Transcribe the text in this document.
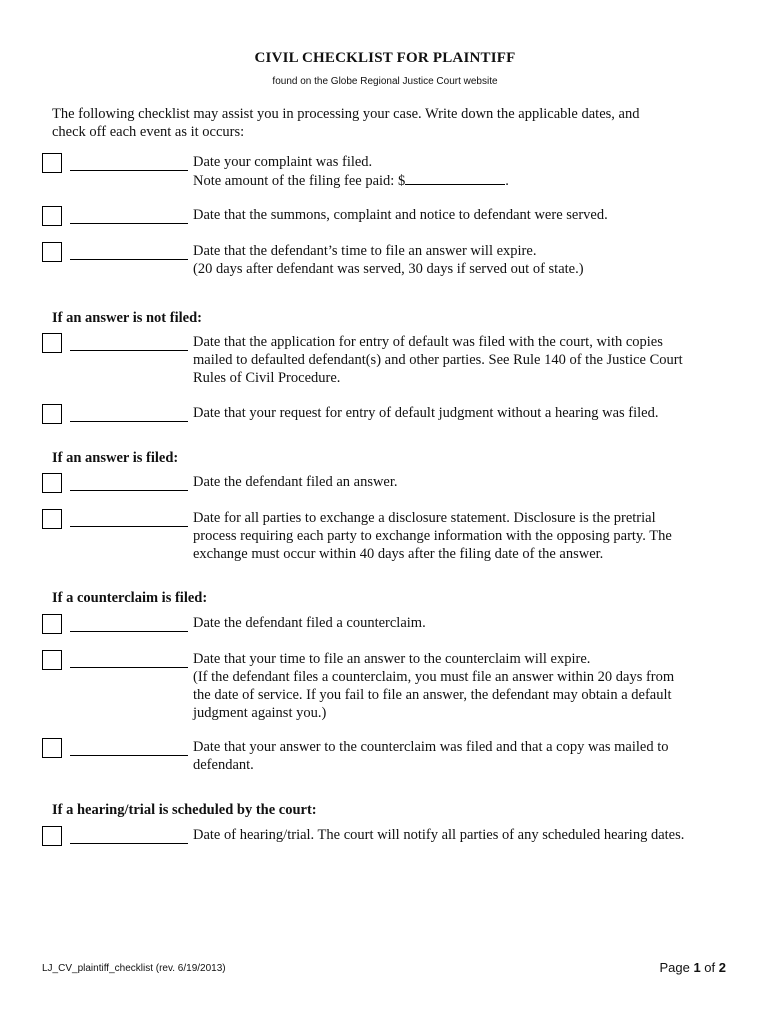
CIVIL CHECKLIST FOR PLAINTIFF
found on the Globe Regional Justice Court website
The following checklist may assist you in processing your case. Write down the applicable dates, and
check off each event as it occurs:
Date your complaint was filed.
Note amount of the filing fee paid: $	.
Date that the summons, complaint and notice to defendant were served.
Date that the defendant’s time to file an answer will expire.
(20 days after defendant was served, 30 days if served out of state.)
If an answer is not filed:
Date that the application for entry of default was filed with the court, with copies
mailed to defaulted defendant(s) and other parties. See Rule 140 of the Justice Court
Rules of Civil Procedure.
Date that your request for entry of default judgment without a hearing was filed.
If an answer is filed:
Date the defendant filed an answer.
Date for all parties to exchange a disclosure statement. Disclosure is the pretrial
process requiring each party to exchange information with the opposing party. The
exchange must occur within 40 days after the filing date of the answer.
If a counterclaim is filed:
Date the defendant filed a counterclaim.
Date that your time to file an answer to the counterclaim will expire.
(If the defendant files a counterclaim, you must file an answer within 20 days from
the date of service. If you fail to file an answer, the defendant may obtain a default
judgment against you.)
Date that your answer to the counterclaim was filed and that a copy was mailed to
defendant.
If a hearing/trial is scheduled by the court:
Date of hearing/trial. The court will notify all parties of any scheduled hearing dates.
LJ_CV_plaintiff_checklist (rev. 6/19/2013)	Page 1 of 2
